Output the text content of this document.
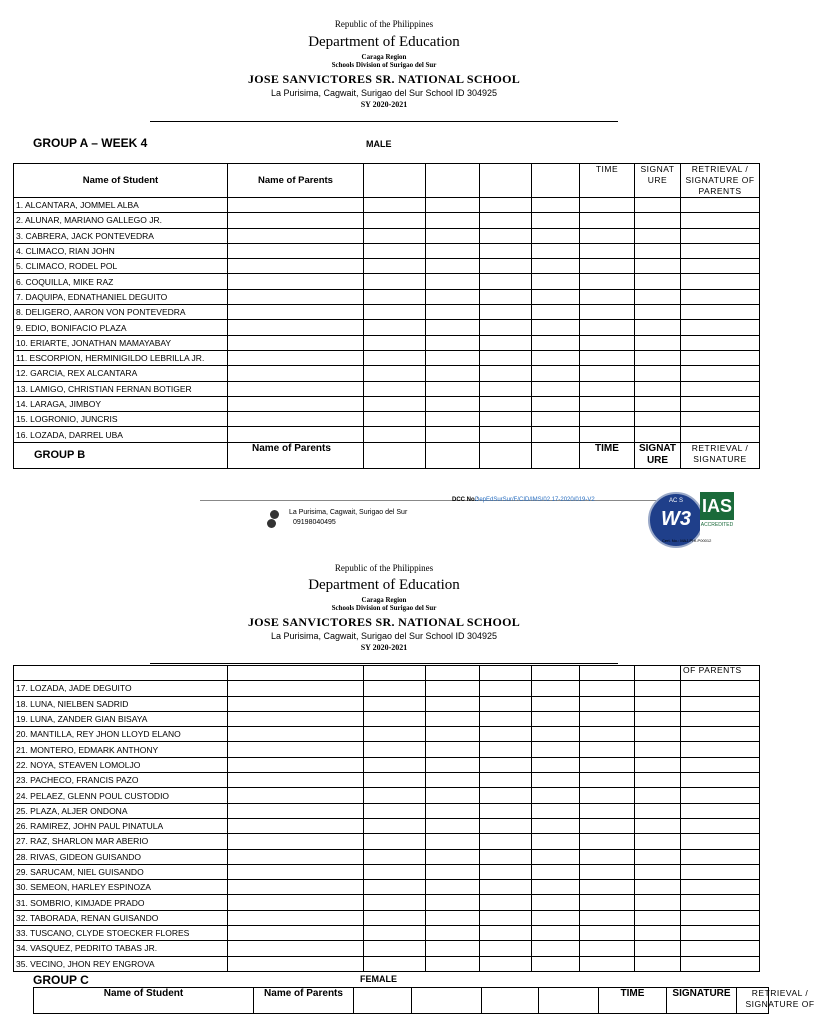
Republic of the Philippines
Department of Education
Caraga Region
Schools Division of Surigao del Sur
JOSE SANVICTORES SR. NATIONAL SCHOOL
La Purisima, Cagwait, Surigao del Sur School ID 304925
SY 2020-2021
GROUP A – WEEK 4	MALE
Name of Student	Name of Parents					TIME	SIGNAT URE	RETRIEVAL / SIGNATURE OF PARENTS
1. ALCANTARA, JOMMEL ALBA								
2. ALUNAR, MARIANO GALLEGO JR.								
3. CABRERA, JACK PONTEVEDRA								
4. CLIMACO, RIAN JOHN								
5. CLIMACO, RODEL POL								
6. COQUILLA, MIKE RAZ								
7. DAQUIPA, EDNATHANIEL DEGUITO								
8. DELIGERO, AARON VON PONTEVEDRA								
9. EDIO, BONIFACIO PLAZA								
10. ERIARTE, JONATHAN MAMAYABAY								
11. ESCORPION, HERMINIGILDO LEBRILLA JR.								
12. GARCIA, REX ALCANTARA								
13. LAMIGO, CHRISTIAN FERNAN BOTIGER								
14. LARAGA, JIMBOY								
15. LOGRONIO, JUNCRIS								
16. LOZADA, DARREL UBA								
GROUP B	Name of Parents					TIME	SIGNAT URE	RETRIEVAL / SIGNATURE
La Purisima, Cagwait, Surigao del Sur
09198040495
DCC No.:
DepEdSurSur/F/CID/IMS/02 17-2020/019-V2	AC S
W3
IAS
ACCREDITED
Cert. No.: MAJ-PHI-P00012
Republic of the Philippines
Department of Education
Caraga Region
Schools Division of Surigao del Sur
JOSE SANVICTORES SR. NATIONAL SCHOOL
La Purisima, Cagwait, Surigao del Sur School ID 304925
SY 2020-2021
								OF PARENTS
17. LOZADA, JADE DEGUITO								
18. LUNA, NIELBEN SADRID								
19. LUNA, ZANDER GIAN BISAYA								
20. MANTILLA, REY JHON LLOYD ELANO								
21. MONTERO, EDMARK ANTHONY								
22. NOYA, STEAVEN LOMOLJO								
23. PACHECO, FRANCIS PAZO								
24. PELAEZ, GLENN POUL CUSTODIO								
25. PLAZA, ALJER ONDONA								
26. RAMIREZ, JOHN PAUL PINATULA								
27. RAZ, SHARLON MAR ABERIO								
28. RIVAS, GIDEON GUISANDO								
29. SARUCAM, NIEL GUISANDO								
30. SEMEON, HARLEY ESPINOZA								
31. SOMBRIO, KIMJADE PRADO								
32. TABORADA, RENAN GUISANDO								
33. TUSCANO, CLYDE STOECKER FLORES								
34. VASQUEZ, PEDRITO TABAS JR.								
35. VECINO, JHON REY ENGROVA								
GROUP C	FEMALE
Name of Student	Name of Parents					TIME	SIGNATURE	RETRIEVAL / SIGNATURE OF
